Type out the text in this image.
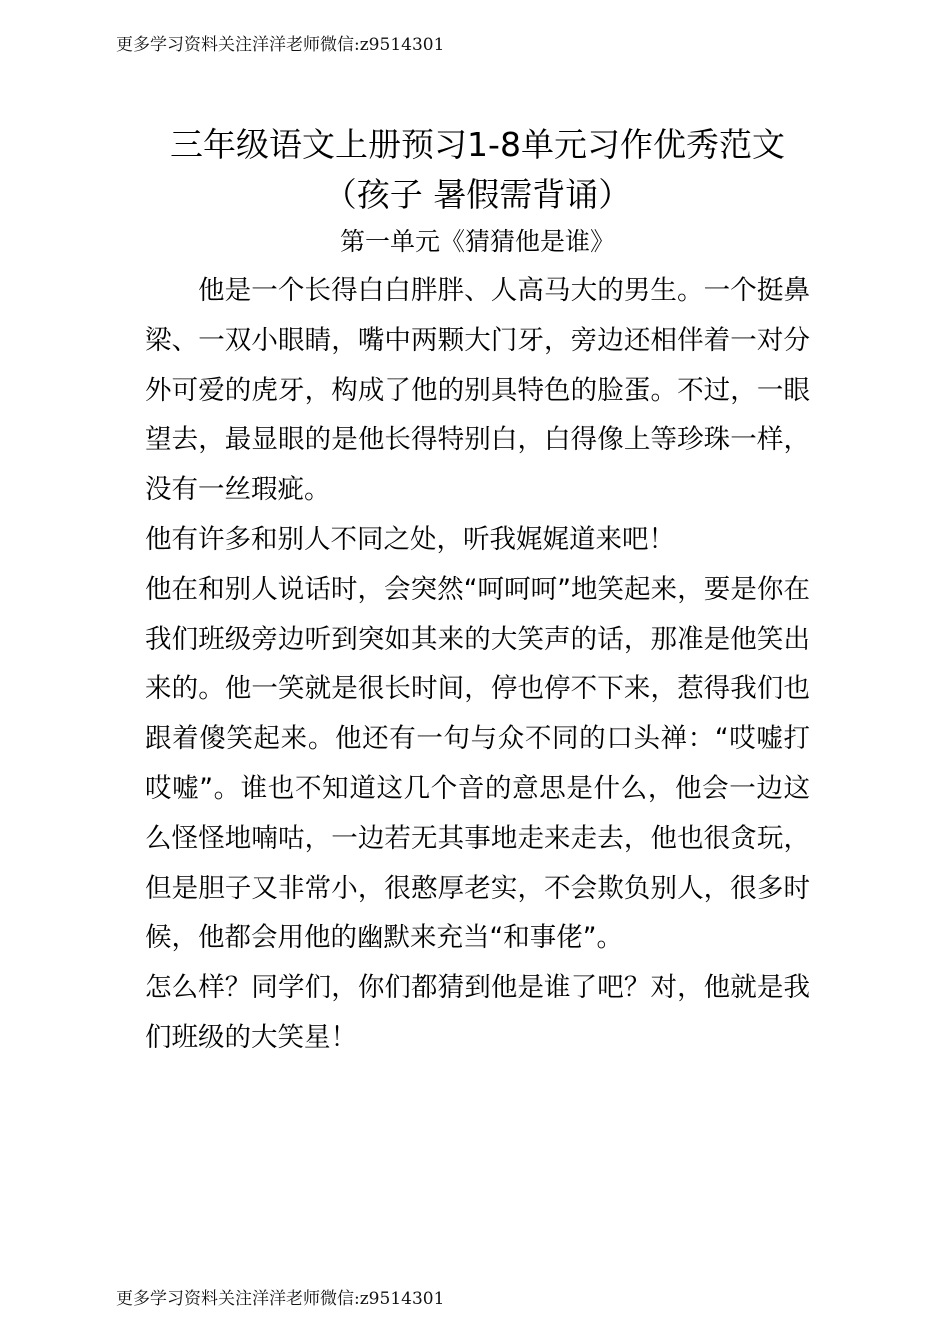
更多学习资料关注洋洋老师微信:z9514301
三年级语文上册预习1-8单元习作优秀范文
（孩子 暑假需背诵）
第一单元《猜猜他是谁》

他是一个长得白白胖胖、人高马大的男生。一个挺鼻梁、一双小眼睛，嘴中两颗大门牙，旁边还相伴着一对分外可爱的虎牙，构成了他的别具特色的脸蛋。不过，一眼望去，最显眼的是他长得特别白，白得像上等珍珠一样，没有一丝瑕疵。

他有许多和别人不同之处，听我娓娓道来吧！

他在和别人说话时，会突然“呵呵呵”地笑起来，要是你在我们班级旁边听到突如其来的大笑声的话，那准是他笑出来的。他一笑就是很长时间，停也停不下来，惹得我们也跟着傻笑起来。他还有一句与众不同的口头禅：“哎嘘打哎嘘”。谁也不知道这几个音的意思是什么，他会一边这么怪怪地喃咕，一边若无其事地走来走去，他也很贪玩，但是胆子又非常小，很憨厚老实，不会欺负别人，很多时候，他都会用他的幽默来充当“和事佬”。

怎么样？同学们，你们都猜到他是谁了吧？对，他就是我们班级的大笑星！

更多学习资料关注洋洋老师微信:z9514301
